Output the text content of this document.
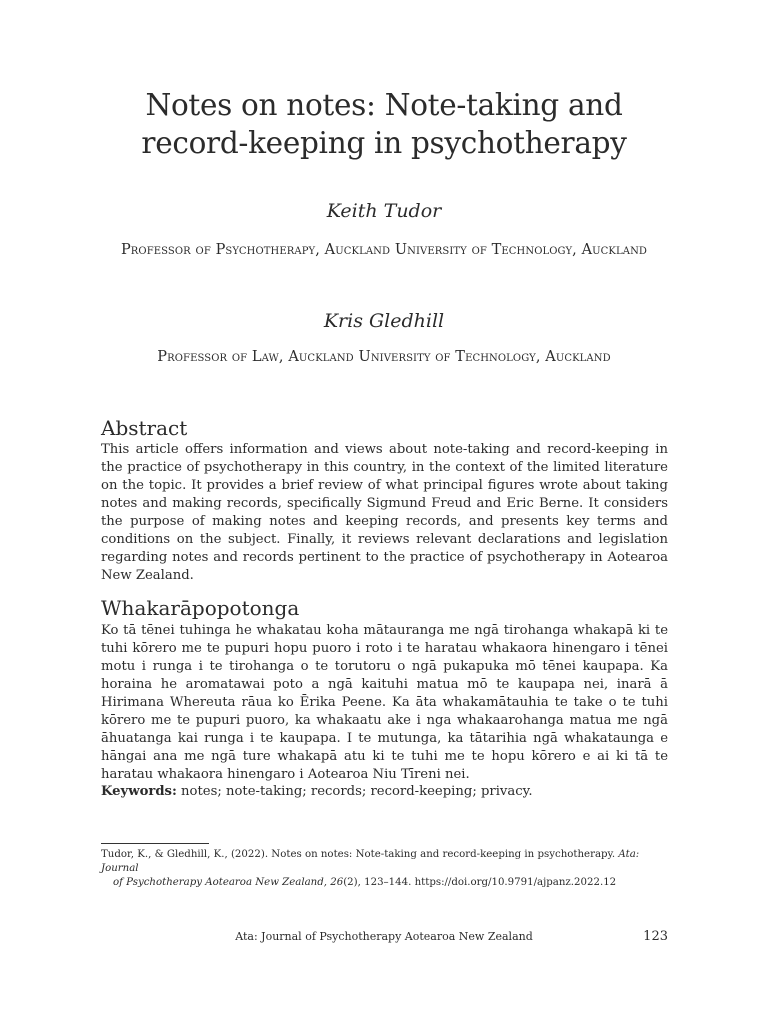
Notes on notes: Note-taking and record-keeping in psychotherapy
Keith Tudor
Professor of Psychotherapy, Auckland University of Technology, Auckland
Kris Gledhill
Professor of Law, Auckland University of Technology, Auckland
Abstract

This article offers information and views about note-taking and record-keeping in the practice of psychotherapy in this country, in the context of the limited literature on the topic. It provides a brief review of what principal figures wrote about taking notes and making records, specifically Sigmund Freud and Eric Berne. It considers the purpose of making notes and keeping records, and presents key terms and conditions on the subject. Finally, it reviews relevant declarations and legislation regarding notes and records pertinent to the practice of psychotherapy in Aotearoa New Zealand.

Whakarāpopotonga

Ko tā tēnei tuhinga he whakatau koha mātauranga me ngā tirohanga whakapā ki te tuhi kōrero me te pupuri hopu puoro i roto i te haratau whakaora hinengaro i tēnei motu i runga i te tirohanga o te torutoru o ngā pukapuka mō tēnei kaupapa. Ka horaina he aromatawai poto a ngā kaituhi matua mō te kaupapa nei, inarā ā Hirimana Whereuta rāua ko Ērika Peene. Ka āta whakamātauhia te take o te tuhi kōrero me te pupuri puoro, ka whakaatu ake i nga whakaarohanga matua me ngā āhuatanga kai runga i te kaupapa. I te mutunga, ka tātarihia ngā whakataunga e hāngai ana me ngā ture whakapā atu ki te tuhi me te hopu kōrero e ai ki tā te haratau whakaora hinengaro i Aotearoa Niu Tīreni nei.

Keywords: notes; note-taking; records; record-keeping; privacy.
Tudor, K., & Gledhill, K., (2022). Notes on notes: Note-taking and record-keeping in psychotherapy. Ata: Journal
of Psychotherapy Aotearoa New Zealand, 26(2), 123–144. https://doi.org/10.9791/ajpanz.2022.12
Ata: Journal of Psychotherapy Aotearoa New Zealand	123
